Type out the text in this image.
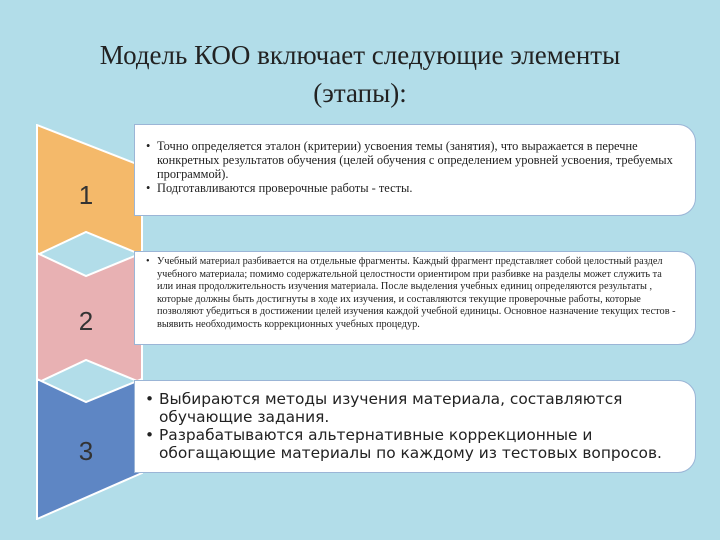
Модель КОО включает следующие элементы
(этапы):
1
• Точно определяется эталон (критерии) усвоения темы (занятия), что выражается в перечне конкретных результатов обучения (целей обучения с определением уровней усвоения, требуемых программой).
• Подготавливаются проверочные работы - тесты.
2
• Учебный материал разбивается на отдельные фрагменты. Каждый фрагмент представляет собой целостный раздел учебного материала; помимо содержательной целостности ориентиром при разбивке на разделы может служить та или иная продолжительность изучения материала. После выделения учебных единиц определяются результаты , которые должны быть достигнуты в ходе их изучения, и составляются текущие проверочные работы, которые позволяют убедиться в достижении целей изучения каждой учебной единицы. Основное назначение текущих тестов - выявить необходимость коррекционных учебных процедур.
3
• Выбираются методы изучения материала, составляются обучающие задания.
• Разрабатываются альтернативные коррекционные и обогащающие материалы по каждому из тестовых вопросов.
